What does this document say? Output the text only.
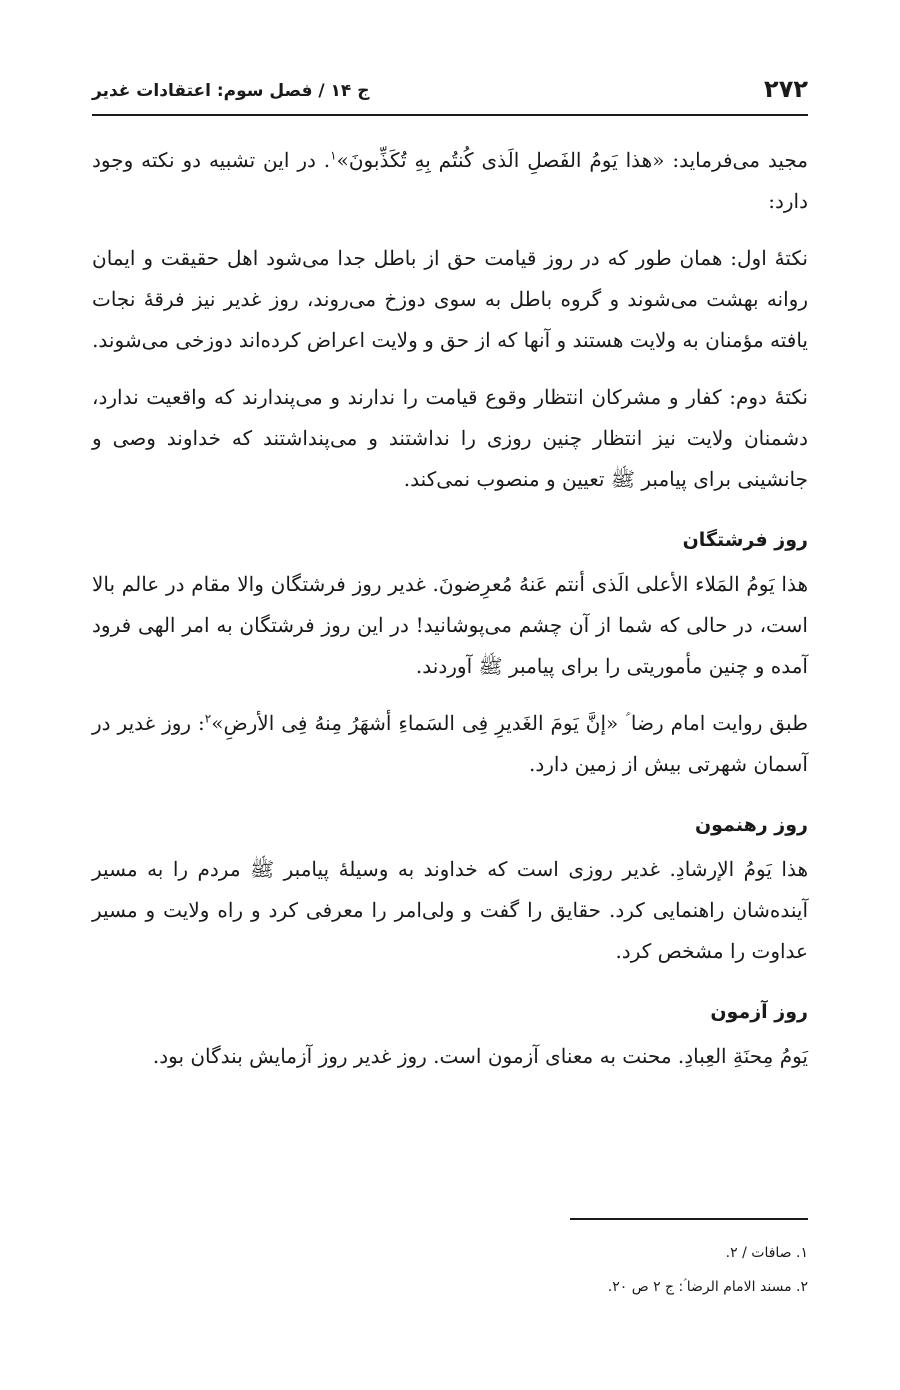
۲۷۲
ج ۱۴ / فصل سوم: اعتقادات غدیر

مجید می‌فرماید: «هذا یَومُ الفَصلِ الَذی کُنتُم بِهِ تُکَذِّبونَ»$^۱$. در این تشبیه دو نکته وجود دارد:

نکتهٔ اول: همان طور که در روز قیامت حق از باطل جدا می‌شود اهل حقیقت و ایمان روانه بهشت می‌شوند و گروه باطل به سوی دوزخ می‌روند، روز غدیر نیز فرقهٔ نجات یافته مؤمنان به ولایت هستند و آنها که از حق و ولایت اعراض کرده‌اند دوزخی می‌شوند.

نکتهٔ دوم: کفار و مشرکان انتظار وقوع قیامت را ندارند و می‌پندارند که واقعیت ندارد، دشمنان ولایت نیز انتظار چنین روزی را نداشتند و می‌پنداشتند که خداوند وصی و جانشینی برای پیامبر ﷺ تعیین و منصوب نمی‌کند.

روز فرشتگان

هذا یَومُ المَلاء الأعلی الَذی أنتم عَنهُ مُعرِضونَ. غدیر روز فرشتگان والا مقام در عالم بالا است، در حالی که شما از آن چشم می‌پوشانید! در این روز فرشتگان به امر الهی فرود آمده و چنین مأموریتی را برای پیامبر ﷺ آوردند.

طبق روایت امام رضا ؑ «إنَّ یَومَ الغَدیرِ فِی السَماءِ أشهَرُ مِنهُ فِی الأرضِ»$^۲$: روز غدیر در آسمان شهرتی بیش از زمین دارد.

روز رهنمون

هذا یَومُ الإرشادِ. غدیر روزی است که خداوند به وسیلهٔ پیامبر ﷺ مردم را به مسیر آینده‌شان راهنمایی کرد. حقایق را گفت و ولی‌امر را معرفی کرد و راه ولایت و مسیر عداوت را مشخص کرد.

روز آزمون

یَومُ مِحنَةِ العِبادِ. محنت به معنای آزمون است. روز غدیر روز آزمایش بندگان بود.

۱. صافات / ۲.
۲. مسند الامام الرضا ؑ: ج ۲ ص ۲۰.
